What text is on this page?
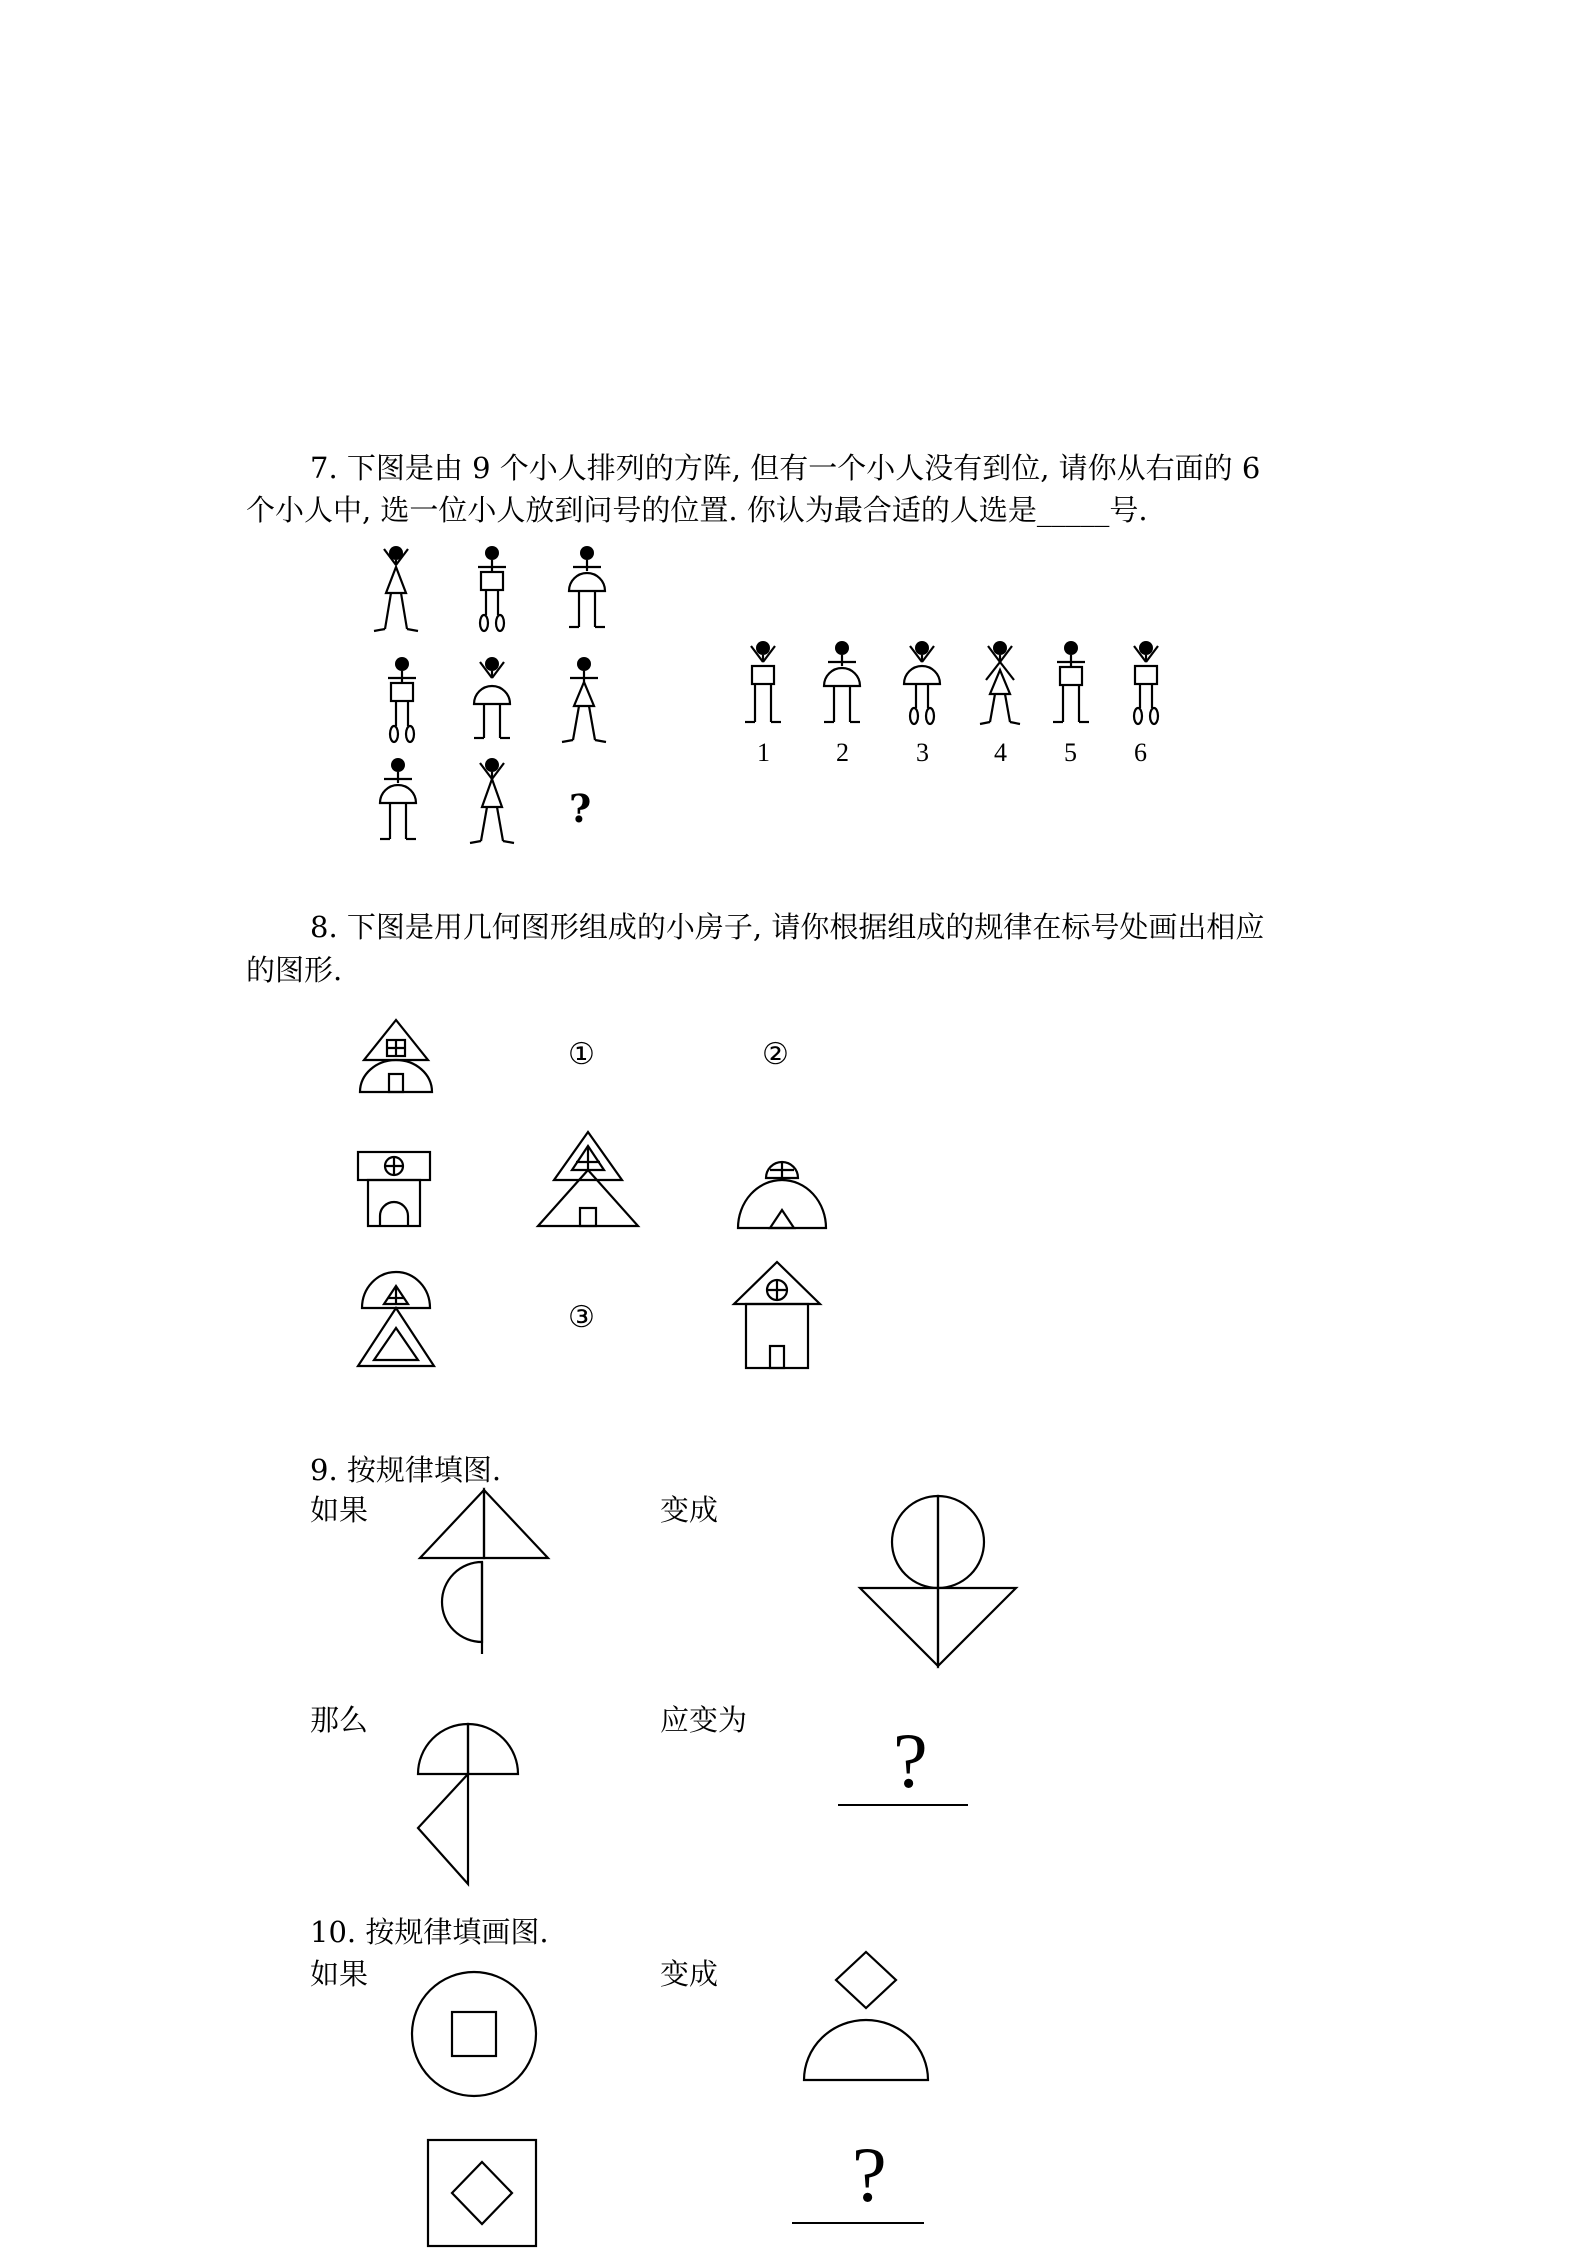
7. 下图是由 9 个小人排列的方阵, 但有一个小人没有到位, 请你从右面的 6
个小人中, 选一位小人放到问号的位置. 你认为最合适的人选是_____号.
?
1	2	3	4 5 6
8. 下图是用几何图形组成的小房子, 请你根据组成的规律在标号处画出相应
的图形.
①	②
③
9. 按规律填图.
如果	变成
那么	应变为 ?
10. 按规律填画图.
如果	变成
?
